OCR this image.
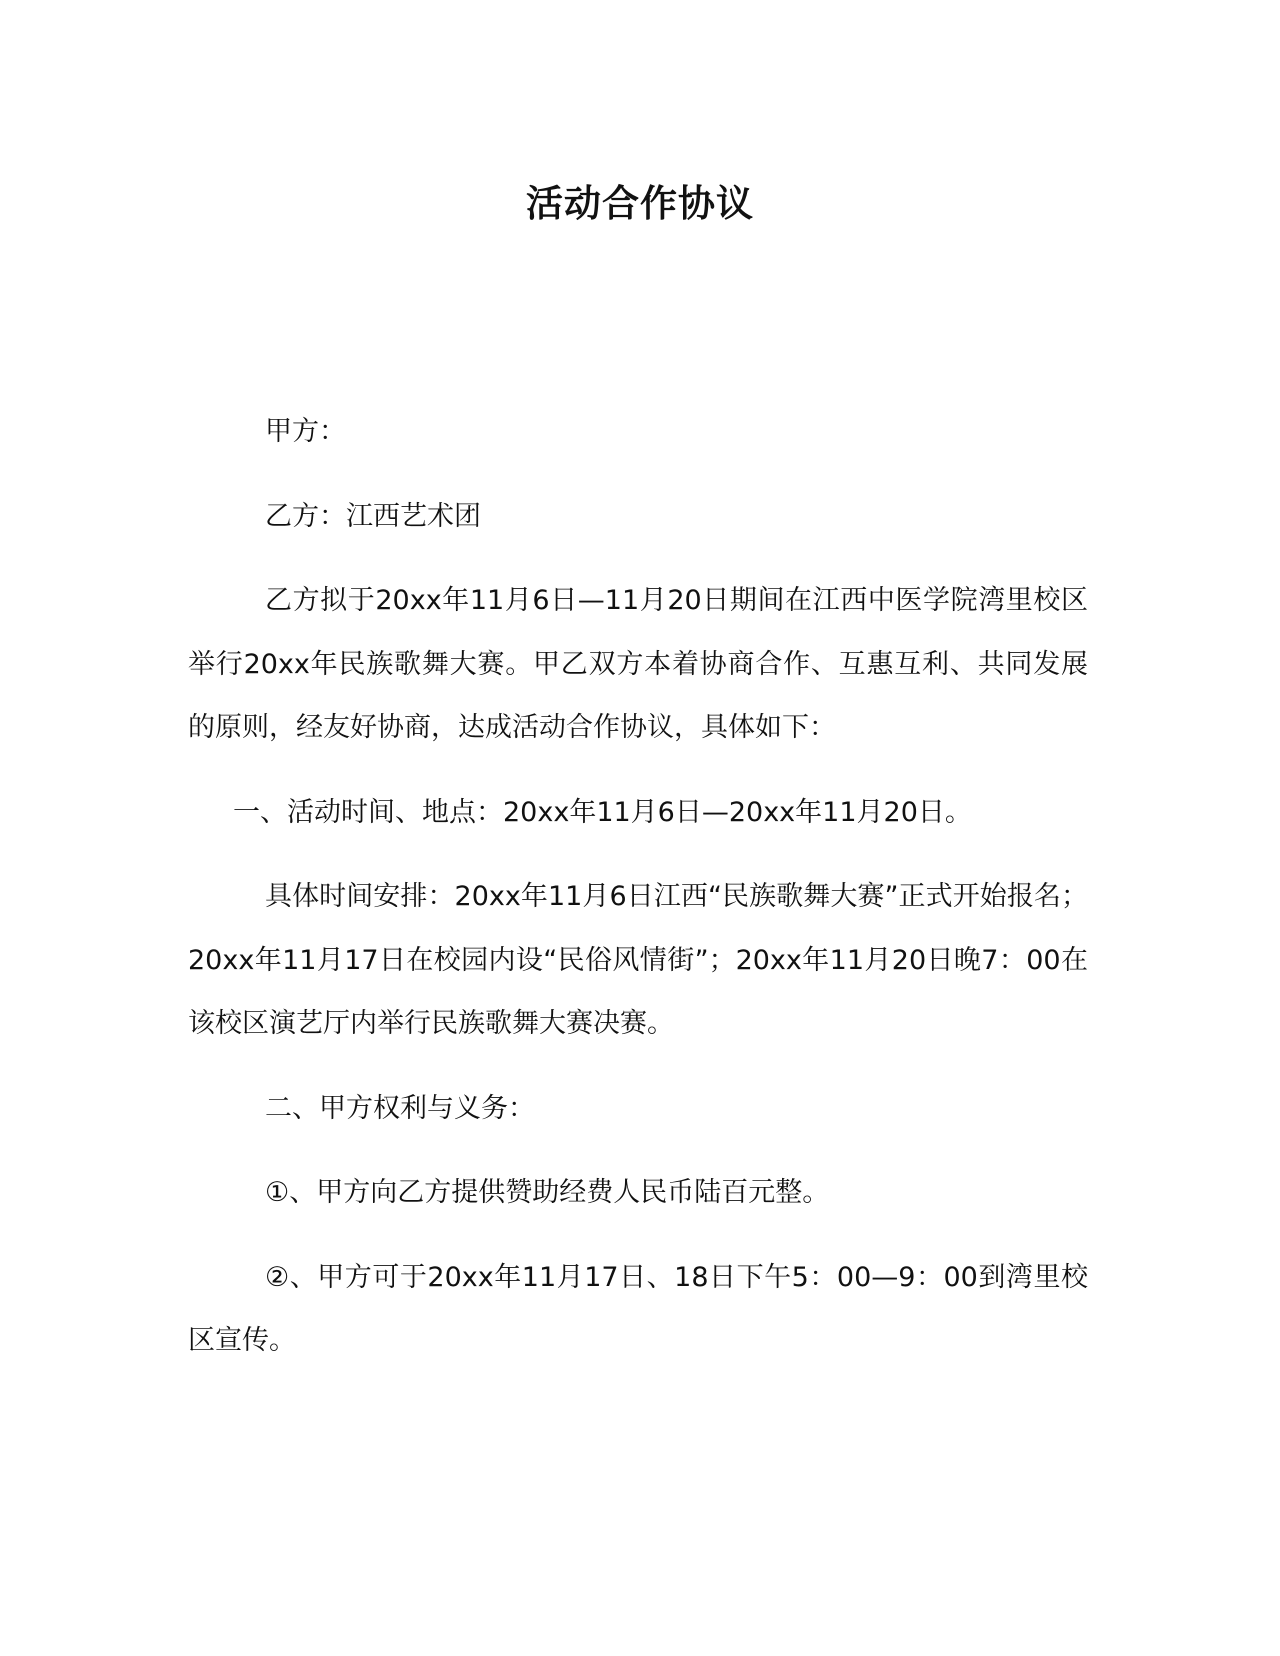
活动合作协议

甲方：

乙方：江西艺术团

乙方拟于20xx年11月6日—11月20日期间在江西中医学院湾里校区举行20xx年民族歌舞大赛。甲乙双方本着协商合作、互惠互利、共同发展的原则，经友好协商，达成活动合作协议，具体如下：

一、活动时间、地点：20xx年11月6日—20xx年11月20日。

具体时间安排：20xx年11月6日江西“民族歌舞大赛”正式开始报名；20xx年11月17日在校园内设“民俗风情街”；20xx年11月20日晚7：00在该校区演艺厅内举行民族歌舞大赛决赛。

二、甲方权利与义务：

①、甲方向乙方提供赞助经费人民币陆百元整。

②、甲方可于20xx年11月17日、18日下午5：00—9：00到湾里校区宣传。
